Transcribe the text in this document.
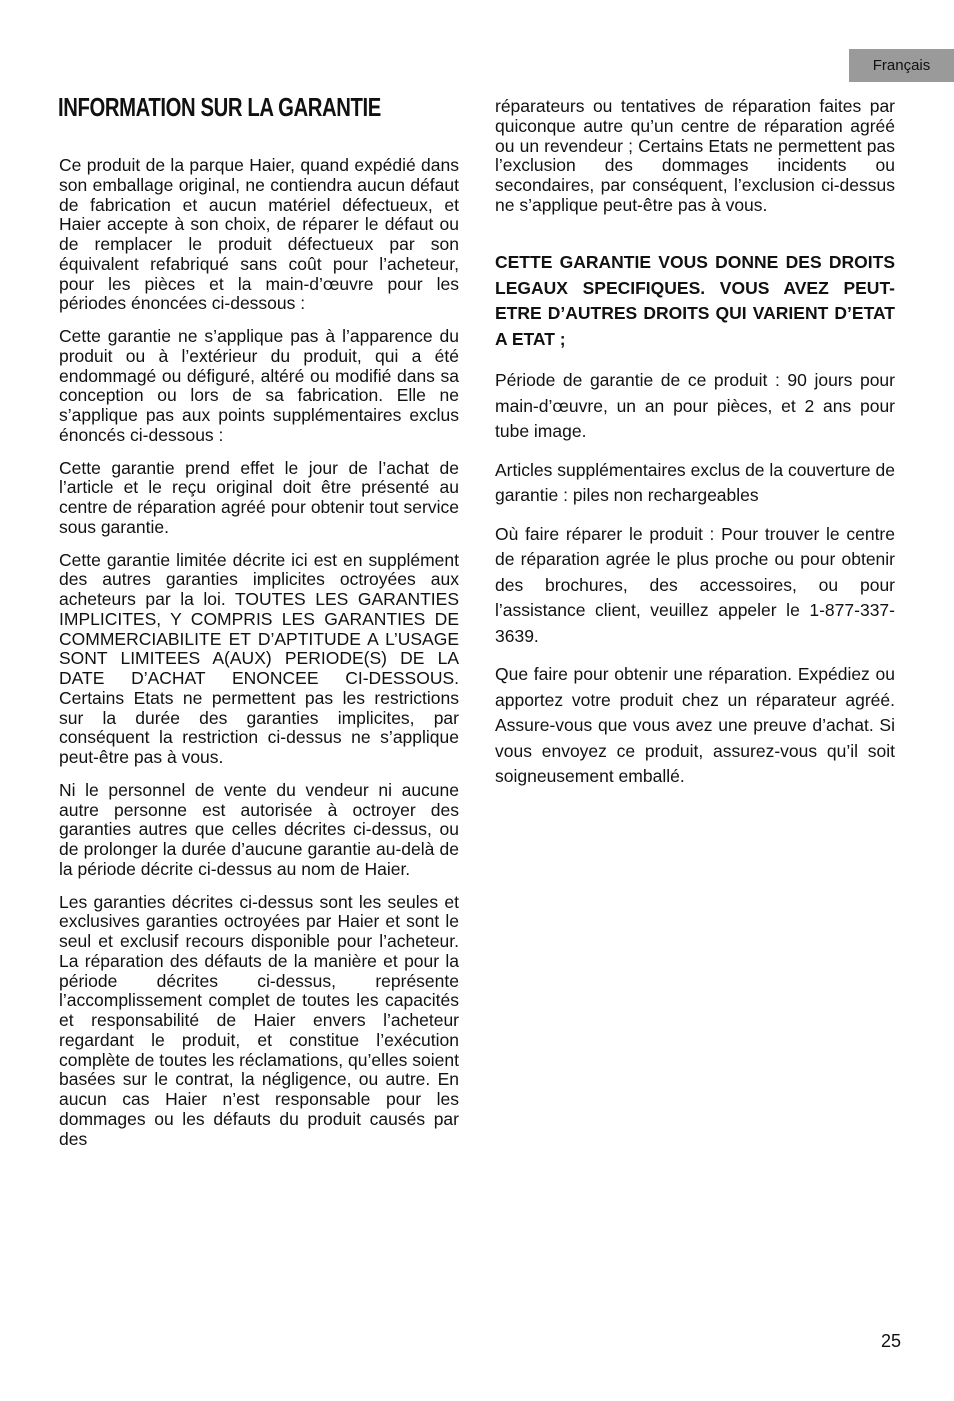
Français
INFORMATION SUR LA GARANTIE

Ce produit de la parque Haier, quand expédié dans son emballage original, ne contiendra aucun défaut de fabrication et aucun matériel défectueux, et Haier accepte à son choix, de réparer le défaut ou de remplacer le produit défectueux par son équivalent refabriqué sans coût pour l’acheteur, pour les pièces et la main-d’œuvre pour les périodes énoncées ci-dessous :

Cette garantie ne s’applique pas à l’apparence du produit ou à l’extérieur du produit, qui a été endommagé ou défiguré, altéré ou modifié dans sa conception ou lors de sa fabrication. Elle ne s’applique pas aux points supplémentaires exclus énoncés ci-dessous :

Cette garantie prend effet le jour de l’achat de l’article et le reçu original doit être présenté au centre de réparation agréé pour obtenir tout service sous garantie.

Cette garantie limitée décrite ici est en supplément des autres garanties implicites octroyées aux acheteurs par la loi. TOUTES LES GARANTIES IMPLICITES, Y COMPRIS LES GARANTIES DE COMMERCIABILITE ET D’APTITUDE A L’USAGE SONT LIMITEES A(AUX) PERIODE(S) DE LA DATE D’ACHAT ENONCEE CI-DESSOUS. Certains Etats ne permettent pas les restrictions sur la durée des garanties implicites, par conséquent la restriction ci-dessus ne s’applique peut-être pas à vous.

Ni le personnel de vente du vendeur ni aucune autre personne est autorisée à octroyer des garanties autres que celles décrites ci-dessus, ou de prolonger la durée d’aucune garantie au-delà de la période décrite ci-dessus au nom de Haier.

Les garanties décrites ci-dessus sont les seules et exclusives garanties octroyées par Haier et sont le seul et exclusif recours disponible pour l’acheteur. La réparation des défauts de la manière et pour la période décrites ci-dessus, représente l’accomplissement complet de toutes les capacités et responsabilité de Haier envers l’acheteur regardant le produit, et constitue l’exécution complète de toutes les réclamations, qu’elles soient basées sur le contrat, la négligence, ou autre. En aucun cas Haier n’est responsable pour les dommages ou les défauts du produit causés par des

réparateurs ou tentatives de réparation faites par quiconque autre qu’un centre de réparation agréé ou un revendeur ; Certains Etats ne permettent pas l’exclusion des dommages incidents ou secondaires, par conséquent, l’exclusion ci-dessus ne s’applique peut-être pas à vous.

CETTE GARANTIE VOUS DONNE DES DROITS LEGAUX SPECIFIQUES. VOUS AVEZ PEUT-ETRE D’AUTRES DROITS QUI VARIENT D’ETAT A ETAT ;

Période de garantie de ce produit : 90 jours pour main-d’œuvre, un an pour pièces, et 2 ans pour tube image.

Articles supplémentaires exclus de la couverture de garantie : piles non rechargeables

Où faire réparer le produit : Pour trouver le centre de réparation agrée le plus proche ou pour obtenir des brochures, des accessoires, ou pour l’assistance client, veuillez appeler le 1-877-337-3639.

Que faire pour obtenir une réparation. Expédiez ou apportez votre produit chez un réparateur agréé. Assure-vous que vous avez une preuve d’achat. Si vous envoyez ce produit, assurez-vous qu’il soit soigneusement emballé.

25
